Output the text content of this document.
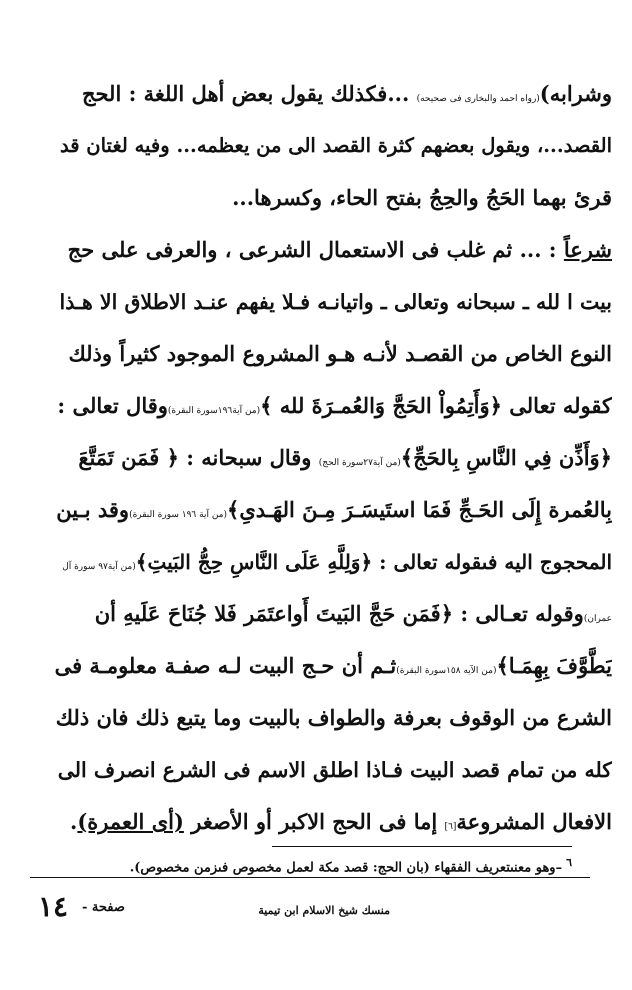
وشرابه)(رواه احمد والبخارى فى صحيحه) ...فكذلك يقول بعض أهل اللغة : الحج
القصد...، ويقول بعضهم كثرة القصد الى من يعظمه... وفيه لغتان قد
قرئ بهما الحَجُ والحِجُ بفتح الحاء، وكسرها...
شرعاً : ... ثم غلب فى الاستعمال الشرعى ، والعرفى على حج
بيت ا لله ـ سبحانه وتعالى ـ واتيانـه فـلا يفهم عنـد الاطلاق الا هـذا
النوع الخاص من القصـد لأنـه هـو المشروع الموجود كثيراً وذلك
كقوله تعالى ﴿وَأَتِمُواْ الحَجَّ وَالعُمـرَةَ لله ﴾(من آية١٩٦سورة البقرة)وقال تعالى :
﴿وَأَذِّن فِي النَّاسِ بِالحَجِّ﴾(من آية٢٧سورة الحج) وقال سبحانه : ﴿ فَمَن تَمَتَّعَ
بِالعُمرة إِلَى الحَـجِّ فَمَا استَيسَـرَ مِـنَ الهَـدىِ﴾(من آية ١٩٦ سورة البقرة)وقد بـين
المحجوج اليه فىقوله تعالى : ﴿وَلِلَّهِ عَلَى النَّاسِ حِجُّ البَيتِ﴾(من آية٩٧ سورة آل
عمران)وقوله تعـالى : ﴿فَمَن حَجَّ البَيتَ أَواعتَمَر فَلا جُنَاحَ عَلَيهِ أن
يَطَّوَّفَ بِهِمَـا﴾(من الآيه ١٥٨سورة البقرة)ثـم أن حـج البيت لـه صفـة معلومـة فى
الشرع من الوقوف بعرفة والطواف بالبيت وما يتبع ذلك فان ذلك
كله من تمام قصد البيت فـاذا اطلق الاسم فى الشرع انصرف الى
الافعال المشروعة[٦] إما فى الحج الاكبر أو الأصغر (أى العمرة).
$^٦$–وهو معنىتعريف الفقهاء (بان الحج: قصد مكة لعمل مخصوص فىزمن مخصوص).
منسك شيخ الاسلام ابن تيمية
صفحة -
١٤
